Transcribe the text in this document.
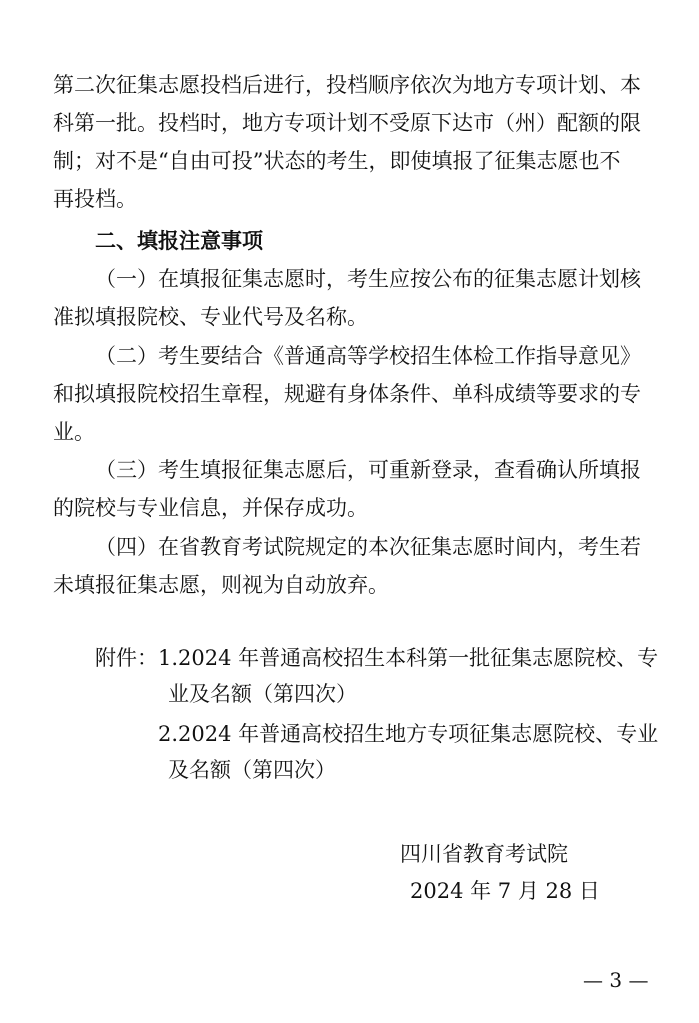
第二次征集志愿投档后进行，投档顺序依次为地方专项计划、本
科第一批。投档时，地方专项计划不受原下达市（州）配额的限
制；对不是“自由可投”状态的考生，即使填报了征集志愿也不
再投档。
二、填报注意事项
（一）在填报征集志愿时，考生应按公布的征集志愿计划核
准拟填报院校、专业代号及名称。
（二）考生要结合《普通高等学校招生体检工作指导意见》
和拟填报院校招生章程，规避有身体条件、单科成绩等要求的专
业。
（三）考生填报征集志愿后，可重新登录，查看确认所填报
的院校与专业信息，并保存成功。
（四）在省教育考试院规定的本次征集志愿时间内，考生若
未填报征集志愿，则视为自动放弃。
附件： 1.2024 年普通高校招生本科第一批征集志愿院校、专
业及名额（第四次）
2.2024 年普通高校招生地方专项征集志愿院校、专业
及名额（第四次）
四川省教育考试院
2024 年 7 月 28 日
— 3 —
